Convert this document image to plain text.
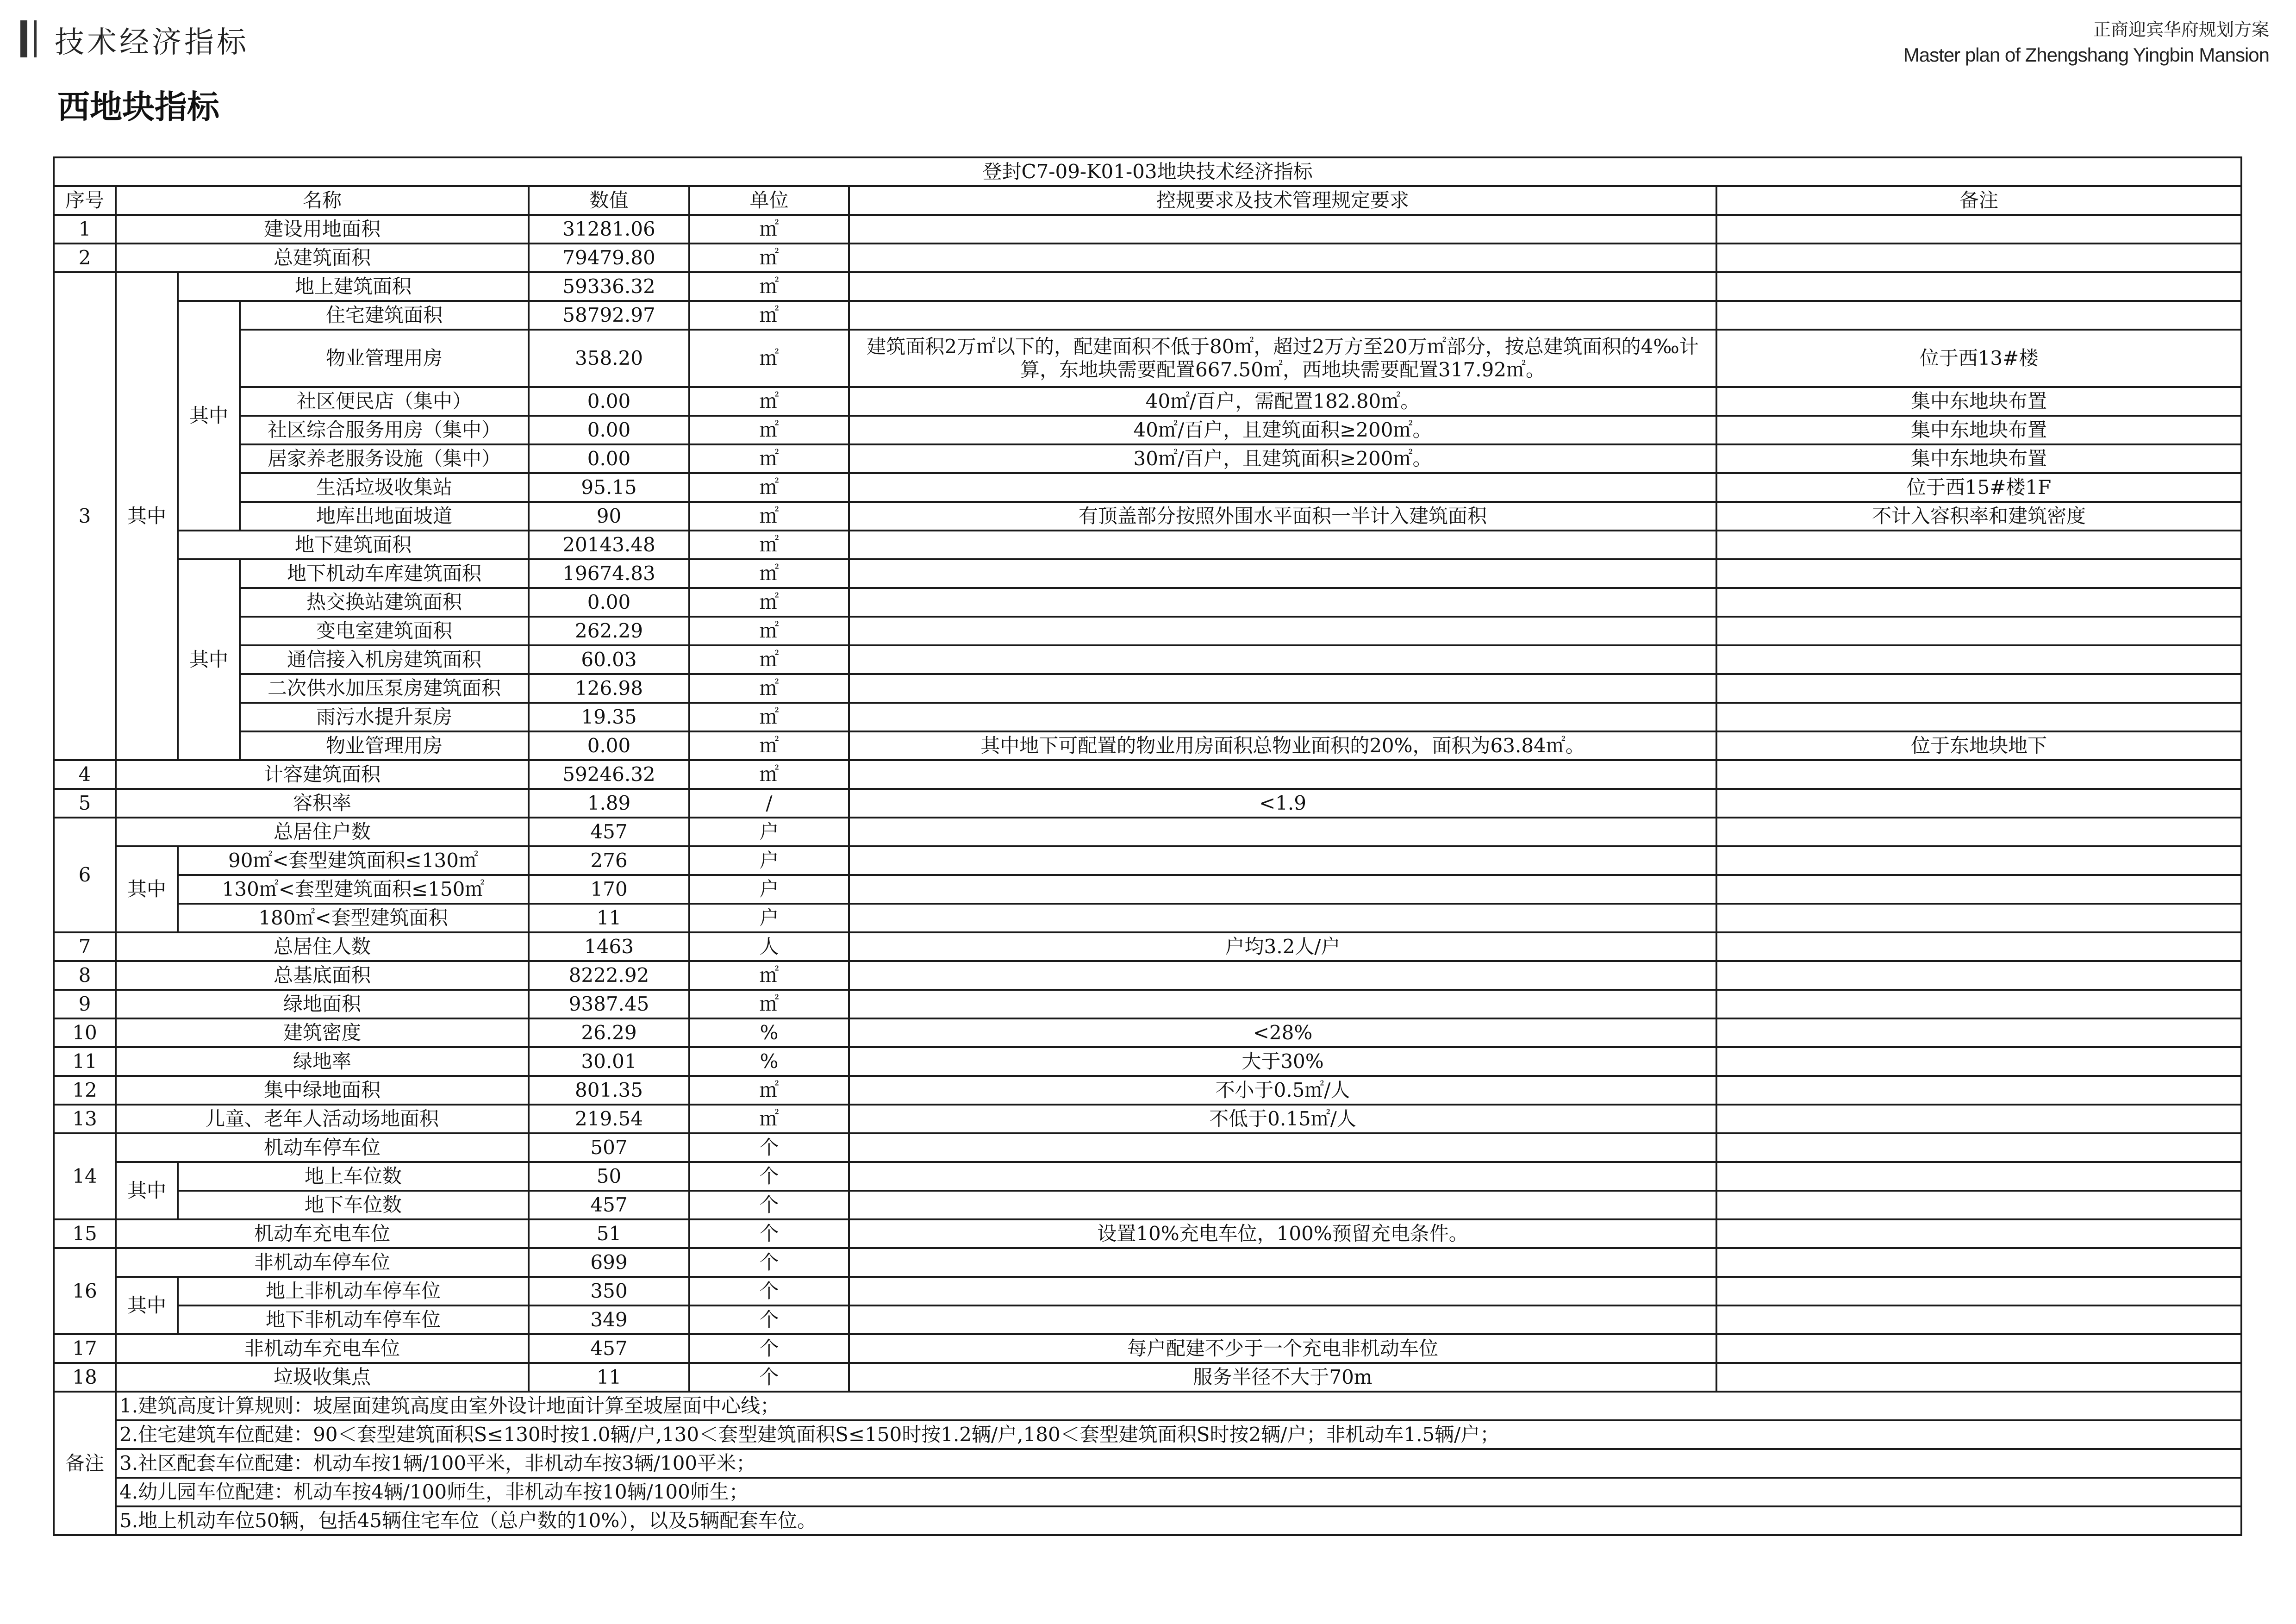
技术经济指标	正商迎宾华府规划方案
Master plan of Zhengshang Yingbin Mansion
西地块指标
登封C7-09-K01-03地块技术经济指标							
序号	名称			数值	单位	控规要求及技术管理规定要求	备注
1	建设用地面积			31281.06	㎡		
2	总建筑面积			79479.80	㎡		
3	其中	地上建筑面积		59336.32	㎡		
		其中	住宅建筑面积	58792.97	㎡		
			物业管理用房	358.20	㎡	建筑面积2万㎡以下的，配建面积不低于80㎡，超过2万方至20万㎡部分，按总建筑面积的4‰计算，东地块需要配置667.50㎡，西地块需要配置317.92㎡。	位于西13#楼
			社区便民店（集中）	0.00	㎡	40㎡/百户，需配置182.80㎡。	集中东地块布置
			社区综合服务用房（集中）	0.00	㎡	40㎡/百户，且建筑面积≥200㎡。	集中东地块布置
			居家养老服务设施（集中）	0.00	㎡	30㎡/百户，且建筑面积≥200㎡。	集中东地块布置
			生活垃圾收集站	95.15	㎡		位于西15#楼1F
			地库出地面坡道	90	㎡	有顶盖部分按照外围水平面积一半计入建筑面积	不计入容积率和建筑密度
		地下建筑面积		20143.48	㎡		
		其中	地下机动车库建筑面积	19674.83	㎡		
			热交换站建筑面积	0.00	㎡		
			变电室建筑面积	262.29	㎡		
			通信接入机房建筑面积	60.03	㎡		
			二次供水加压泵房建筑面积	126.98	㎡		
			雨污水提升泵房	19.35	㎡		
			物业管理用房	0.00	㎡	其中地下可配置的物业用房面积总物业面积的20%，面积为63.84㎡。	位于东地块地下
4	计容建筑面积			59246.32	㎡		
5	容积率			1.89	/	<1.9	
6	总居住户数			457	户		
	其中	90㎡<套型建筑面积≤130㎡		276	户		
		130㎡<套型建筑面积≤150㎡		170	户		
		180㎡<套型建筑面积		11	户		
7	总居住人数			1463	人	户均3.2人/户	
8	总基底面积			8222.92	㎡		
9	绿地面积			9387.45	㎡		
10	建筑密度			26.29	%	<28%	
11	绿地率			30.01	%	大于30%	
12	集中绿地面积			801.35	㎡	不小于0.5㎡/人	
13	儿童、老年人活动场地面积			219.54	㎡	不低于0.15㎡/人	
14	机动车停车位			507	个		
	其中	地上车位数		50	个		
		地下车位数		457	个		
15	机动车充电车位			51	个	设置10%充电车位，100%预留充电条件。	
16	非机动车停车位			699	个		
	其中	地上非机动车停车位		350	个		
		地下非机动车停车位		349	个		
17	非机动车充电车位			457	个	每户配建不少于一个充电非机动车位	
18	垃圾收集点			11	个	服务半径不大于70m	
备注	1.建筑高度计算规则：坡屋面建筑高度由室外设计地面计算至坡屋面中心线；						
	2.住宅建筑车位配建：90＜套型建筑面积S≤130时按1.0辆/户,130＜套型建筑面积S≤150时按1.2辆/户,180＜套型建筑面积S时按2辆/户；非机动车1.5辆/户；						
	3.社区配套车位配建：机动车按1辆/100平米，非机动车按3辆/100平米；						
	4.幼儿园车位配建：机动车按4辆/100师生，非机动车按10辆/100师生；						
	5.地上机动车位50辆，包括45辆住宅车位（总户数的10%），以及5辆配套车位。						
